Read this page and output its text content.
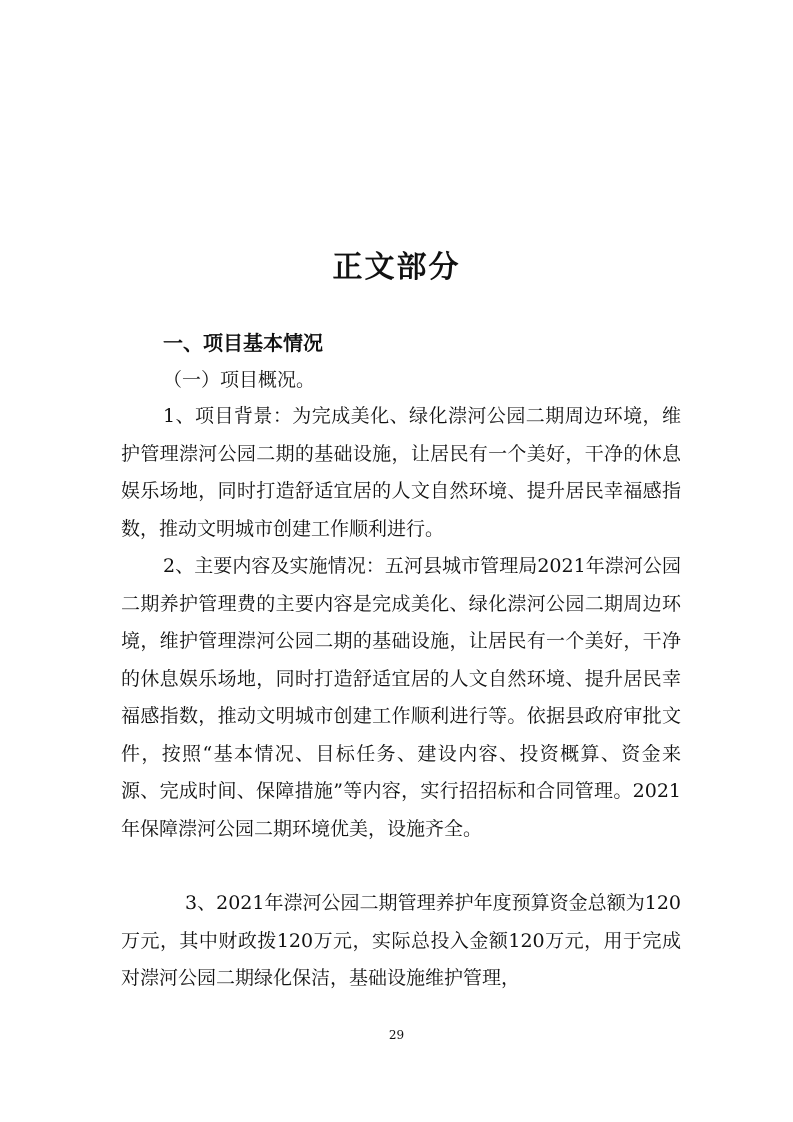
正文部分
一、项目基本情况
（一）项目概况。

1、项目背景：为完成美化、绿化漴河公园二期周边环境，维护管理漴河公园二期的基础设施，让居民有一个美好，干净的休息娱乐场地，同时打造舒适宜居的人文自然环境、提升居民幸福感指数，推动文明城市创建工作顺利进行。

2、主要内容及实施情况：五河县城市管理局2021年漴河公园二期养护管理费的主要内容是完成美化、绿化漴河公园二期周边环境，维护管理漴河公园二期的基础设施，让居民有一个美好，干净的休息娱乐场地，同时打造舒适宜居的人文自然环境、提升居民幸福感指数，推动文明城市创建工作顺利进行等。依据县政府审批文件，按照“基本情况、目标任务、建设内容、投资概算、资金来源、完成时间、保障措施”等内容，实行招招标和合同管理。2021年保障漴河公园二期环境优美，设施齐全。

3、2021年漴河公园二期管理养护年度预算资金总额为120万元，其中财政拨120万元，实际总投入金额120万元，用于完成对漴河公园二期绿化保洁，基础设施维护管理，

29
